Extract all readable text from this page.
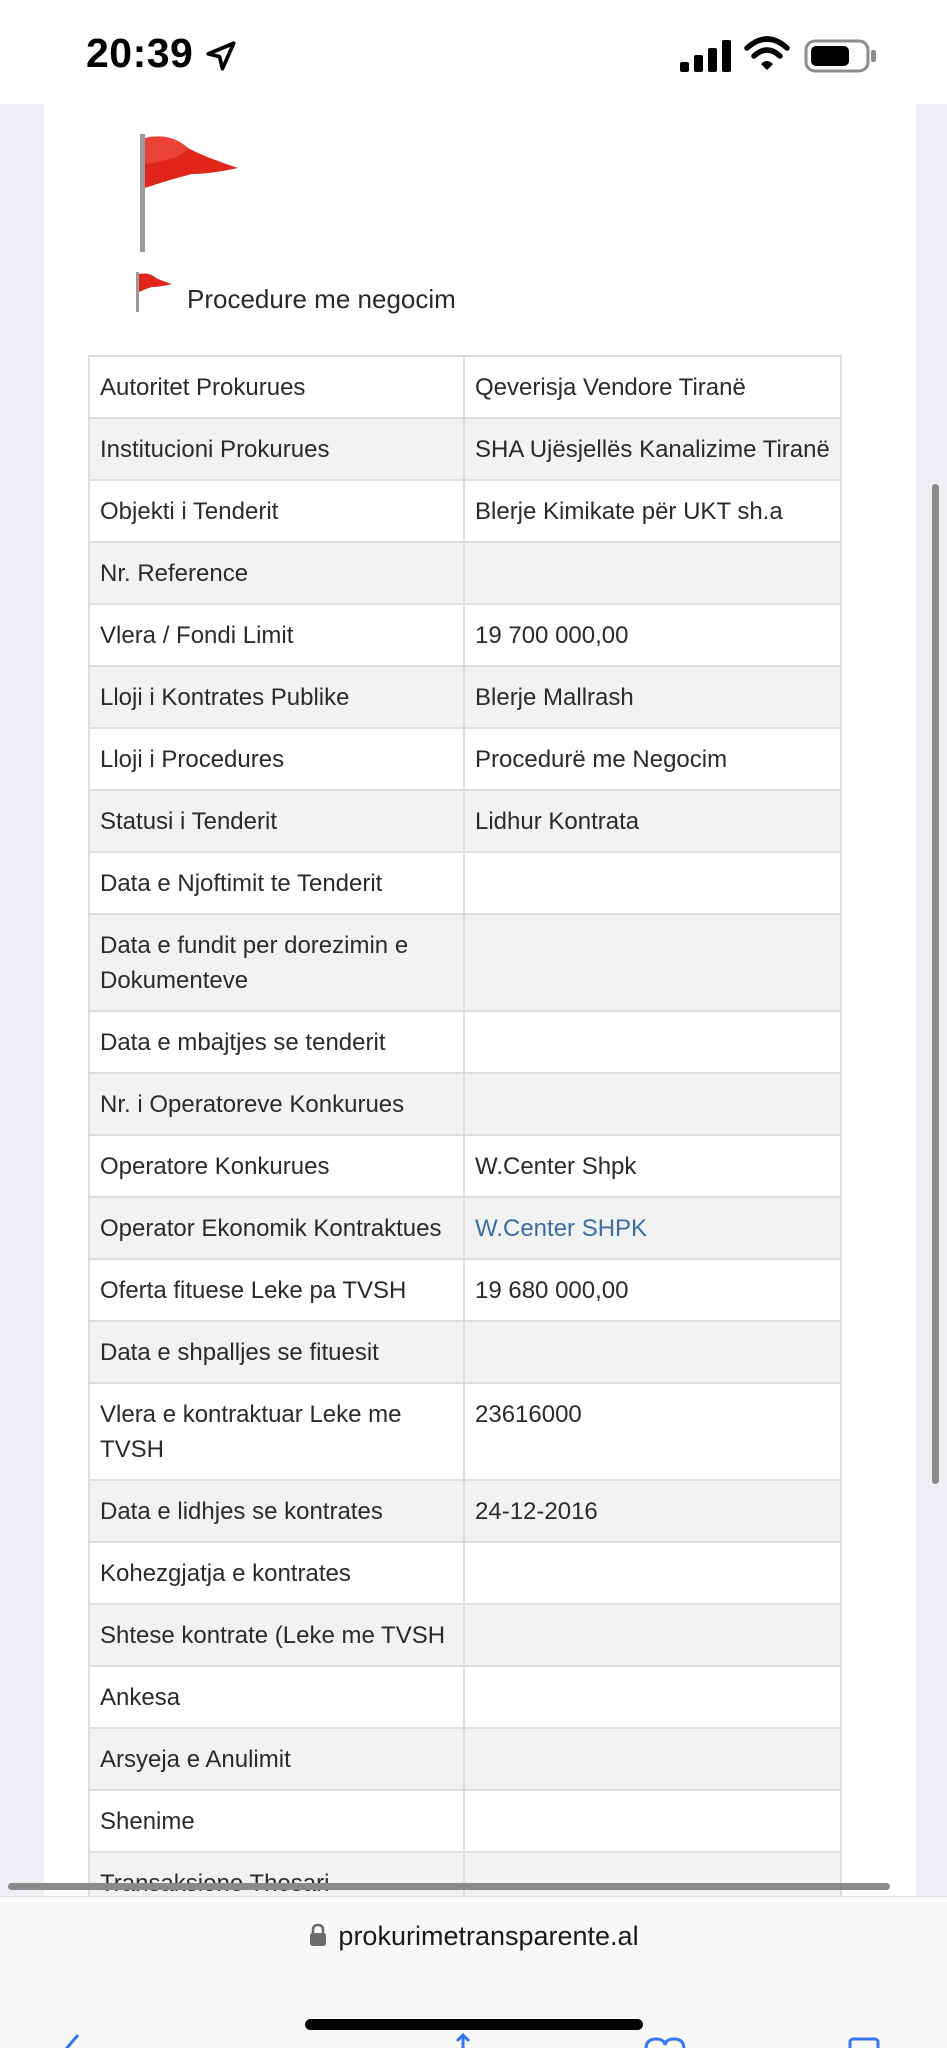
20:39
Procedure me negocim
Autoritet Prokurues	Qeverisja Vendore Tiranë
Institucioni Prokurues	SHA Ujësjellës Kanalizime Tiranë
Objekti i Tenderit	Blerje Kimikate për UKT sh.a
Nr. Reference	
Vlera / Fondi Limit	19 700 000,00
Lloji i Kontrates Publike	Blerje Mallrash
Lloji i Procedures	Procedurë me Negocim
Statusi i Tenderit	Lidhur Kontrata
Data e Njoftimit te Tenderit	
Data e fundit per dorezimin e Dokumenteve	
Data e mbajtjes se tenderit	
Nr. i Operatoreve Konkurues	
Operatore Konkurues	W.Center Shpk
Operator Ekonomik Kontraktues	W.Center SHPK
Oferta fituese Leke pa TVSH	19 680 000,00
Data e shpalljes se fituesit	
Vlera e kontraktuar Leke me TVSH	23616000
Data e lidhjes se kontrates	24-12-2016
Kohezgjatja e kontrates	
Shtese kontrate (Leke me TVSH	
Ankesa	
Arsyeja e Anulimit	
Shenime	

prokurimetransparente.al
